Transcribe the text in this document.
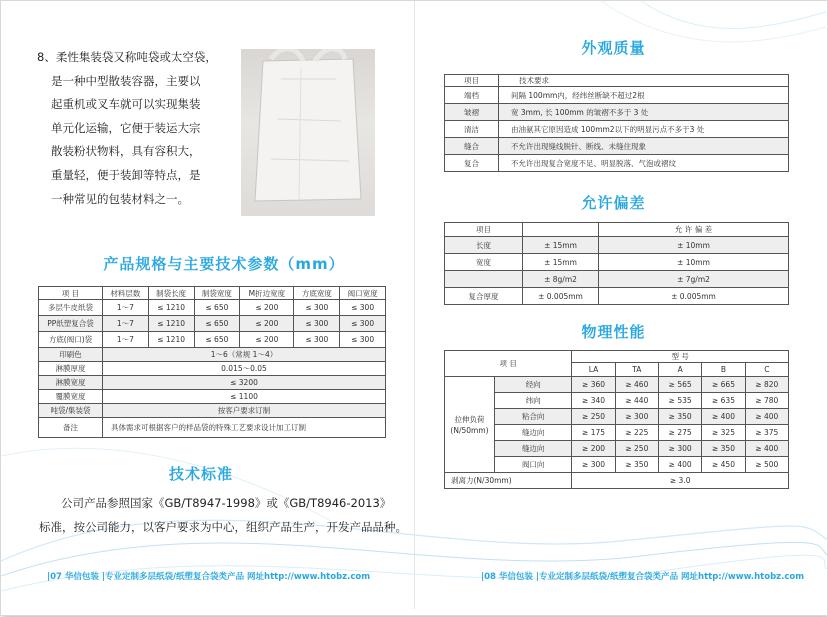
8、柔性集装袋又称吨袋或太空袋，
是一种中型散装容器，主要以
起重机或叉车就可以实现集装
单元化运输，它便于装运大宗
散装粉状物料，具有容积大，
重量轻，便于装卸等特点，是
一种常见的包装材料之一。
产品规格与主要技术参数（mm）
项 目	材料层数	制袋长度	制袋宽度	M折边宽度	方底宽度	阀口宽度
多层牛皮纸袋	1～7	≤ 1210	≤ 650	≤ 200	≤ 300	≤ 300
PP纸塑复合袋	1～7	≤ 1210	≤ 650	≤ 200	≤ 300	≤ 300
方底(阀口)袋	1～7	≤ 1210	≤ 650	≤ 200	≤ 300	≤ 300
印刷色	1～6（常规 1～4）					
淋膜厚度	0.015～0.05					
淋膜宽度	≤ 3200					
覆膜宽度	≤ 1100					
吨袋/集装袋	按客户要求订制					
备注	具体需求可根据客户的样品袋的特殊工艺要求设计加工订制					
技术标准
公司产品参照国家《GB/T8947-1998》或《GB/T8946-2013》
标准，按公司能力，以客户要求为中心，组织产品生产，开发产品品种。
|07 华信包装 |专业定制多层纸袋/纸塑复合袋类产品 网址http://www.htobz.com
外观质量
项目	技术要求
端档	间隔 100mm内，经纬丝断缺不超过2根
皱褶	宽 3mm, 长 100mm 的皱褶不多于 3 处
清洁	由油氨其它原因造成 100mm2以下的明显污点不多于3 处
缝合	不允许出现缝线脱针、断线、未缝住现象
复合	不允许出现复合宽度不足、明显脱落、气泡或褶纹
允许偏差
项目		允 许 偏 差
长度	± 15mm	± 10mm
宽度	± 15mm	± 10mm
	± 8g/m2	± 7g/m2
复合厚度	± 0.005mm	± 0.005mm
物理性能
项 目		型 号				
		LA	TA	A	B	C
拉伸负荷
(N/50mm)	经向	≥ 360	≥ 460	≥ 565	≥ 665	≥ 820
	纬向	≥ 340	≥ 440	≥ 535	≥ 635	≥ 780
	粘合向	≥ 250	≥ 300	≥ 350	≥ 400	≥ 400
	缝边向	≥ 175	≥ 225	≥ 275	≥ 325	≥ 375
	缝边向	≥ 200	≥ 250	≥ 300	≥ 350	≥ 400
	阀口向	≥ 300	≥ 350	≥ 400	≥ 450	≥ 500
剥离力(N/30mm)		≥ 3.0				
|08 华信包装 |专业定制多层纸袋/纸塑复合袋类产品 网址http://www.htobz.com
